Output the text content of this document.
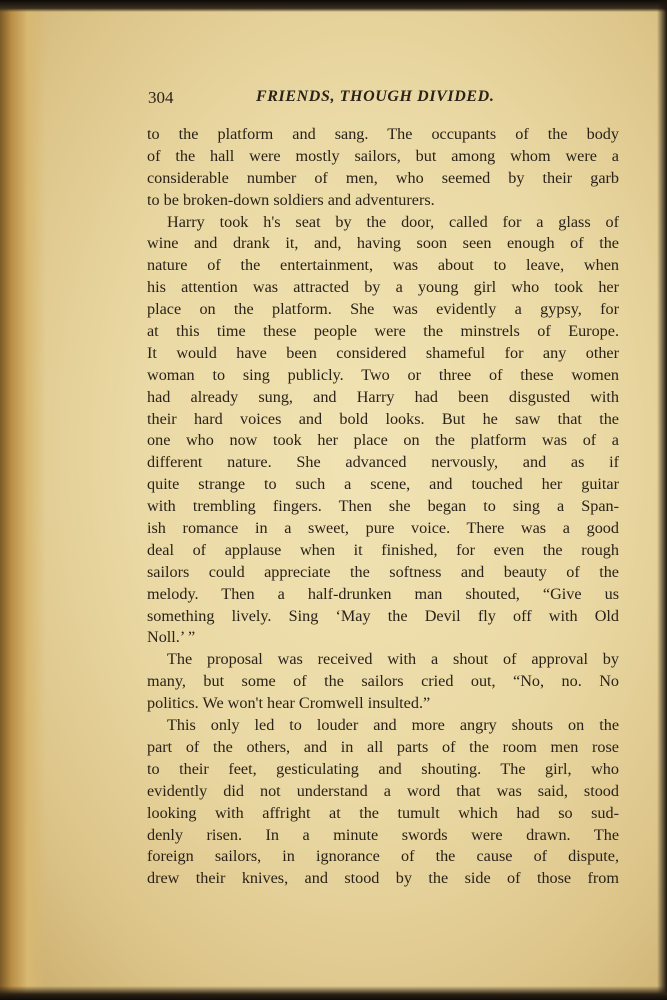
304	FRIENDS, THOUGH DIVIDED.
to the platform and sang. The occupants of the body
of the hall were mostly sailors, but among whom were a
considerable number of men, who seemed by their garb
to be broken-down soldiers and adventurers.
Harry took h's seat by the door, called for a glass of
wine and drank it, and, having soon seen enough of the
nature of the entertainment, was about to leave, when
his attention was attracted by a young girl who took her
place on the platform. She was evidently a gypsy, for
at this time these people were the minstrels of Europe.
It would have been considered shameful for any other
woman to sing publicly. Two or three of these women
had already sung, and Harry had been disgusted with
their hard voices and bold looks. But he saw that the
one who now took her place on the platform was of a
different nature. She advanced nervously, and as if
quite strange to such a scene, and touched her guitar
with trembling fingers. Then she began to sing a Span-
ish romance in a sweet, pure voice. There was a good
deal of applause when it finished, for even the rough
sailors could appreciate the softness and beauty of the
melody. Then a half-drunken man shouted, “Give us
something lively. Sing ‘May the Devil fly off with Old
Noll.’ ”
The proposal was received with a shout of approval by
many, but some of the sailors cried out, “No, no. No
politics. We won't hear Cromwell insulted.”
This only led to louder and more angry shouts on the
part of the others, and in all parts of the room men rose
to their feet, gesticulating and shouting. The girl, who
evidently did not understand a word that was said, stood
looking with affright at the tumult which had so sud-
denly risen. In a minute swords were drawn. The
foreign sailors, in ignorance of the cause of dispute,
drew their knives, and stood by the side of those from
